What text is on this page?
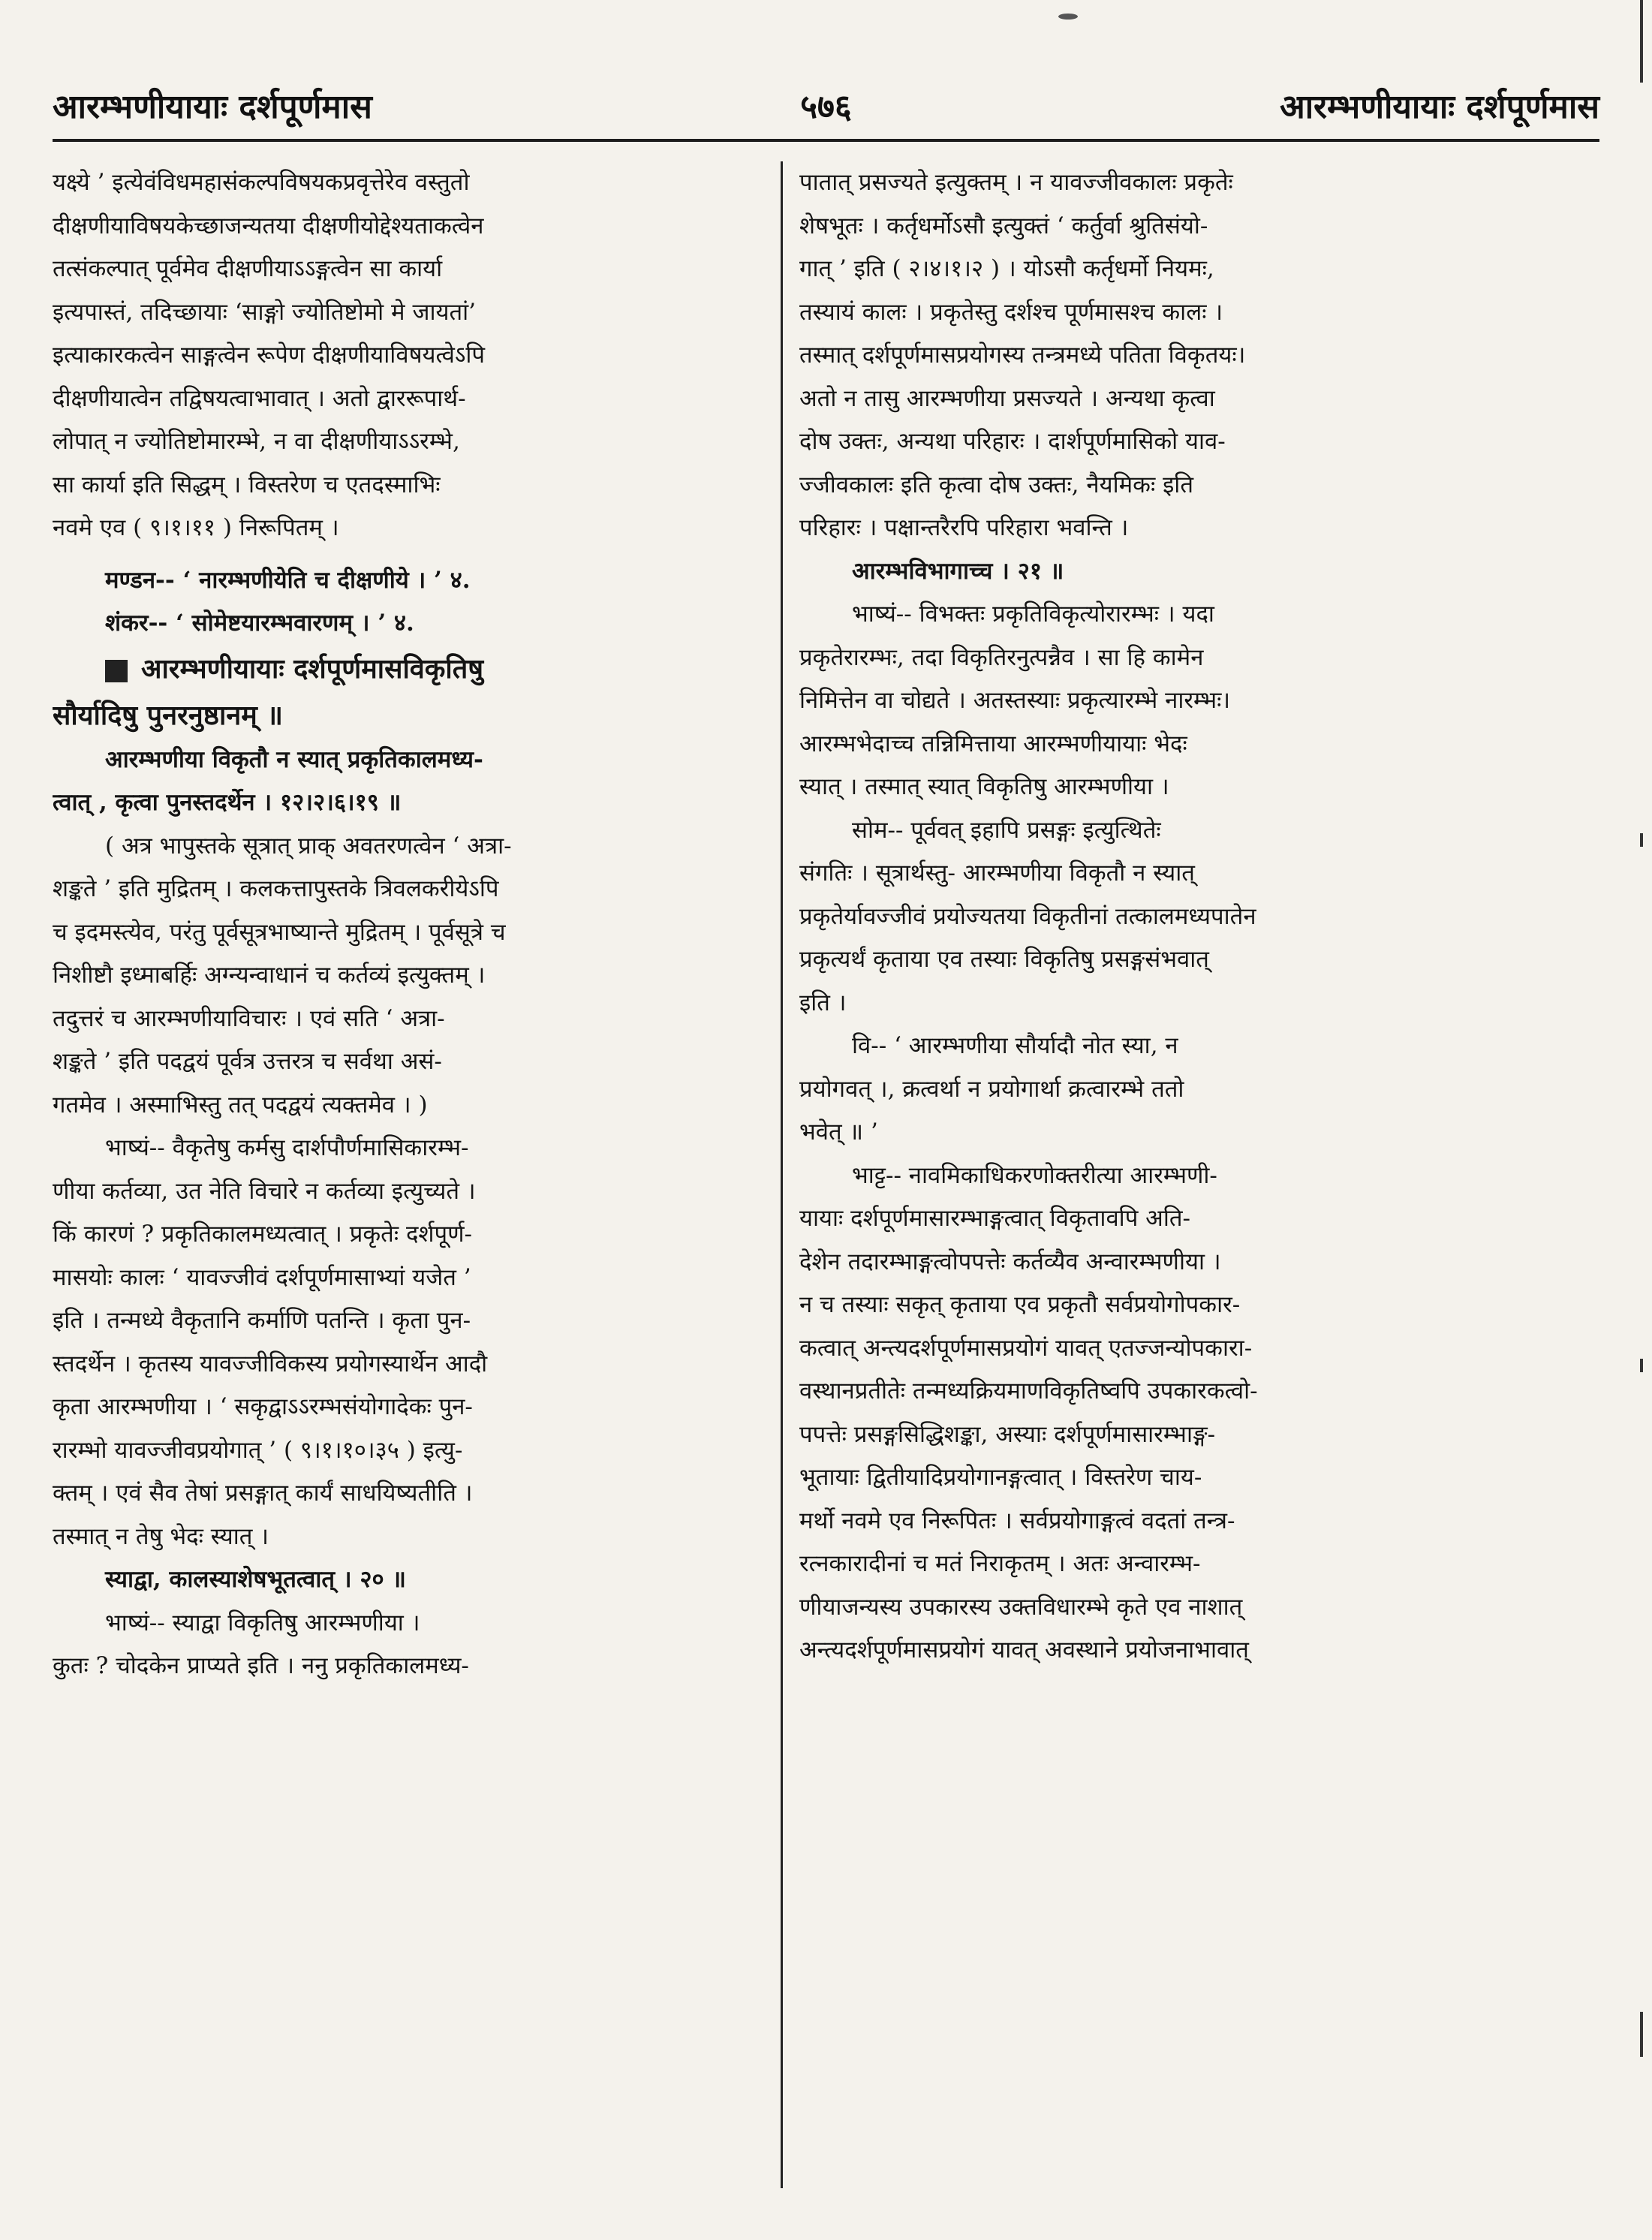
आरम्भणीयायाः दर्शपूर्णमास	५७६	आरम्भणीयायाः दर्शपूर्णमास
यक्ष्ये ’ इत्येवंविधमहासंकल्पविषयकप्रवृत्तेरेव वस्तुतो
दीक्षणीयाविषयकेच्छाजन्यतया दीक्षणीयोद्देश्यताकत्वेन
तत्संकल्पात् पूर्वमेव दीक्षणीयाऽऽङ्गत्वेन सा कार्या
इत्यपास्तं, तदिच्छायाः ‘साङ्गो ज्योतिष्टोमो मे जायतां’
इत्याकारकत्वेन साङ्गत्वेन रूपेण दीक्षणीयाविषयत्वेऽपि
दीक्षणीयात्वेन तद्विषयत्वाभावात् । अतो द्वाररूपार्थ-
लोपात् न ज्योतिष्टोमारम्भे, न वा दीक्षणीयाऽऽरम्भे,
सा कार्या इति सिद्धम् । विस्तरेण च एतदस्माभिः
नवमे एव ( ९।१।११ ) निरूपितम् ।
मण्डन-- ‘ नारम्भणीयेति च दीक्षणीये । ’ ४.
शंकर-- ‘ सोमेष्टयारम्भवारणम् । ’ ४.
आरम्भणीयायाः दर्शपूर्णमासविकृतिषु
सौर्यादिषु पुनरनुष्ठानम् ॥
आरम्भणीया विकृतौ न स्यात् प्रकृतिकालमध्य-
त्वात् , कृत्वा पुनस्तदर्थेन । १२।२।६।१९ ॥
( अत्र भापुस्तके सूत्रात् प्राक् अवतरणत्वेन ‘ अत्रा-
शङ्कते ’ इति मुद्रितम् । कलकत्तापुस्तके त्रिवलकरीयेऽपि
च इदमस्त्येव, परंतु पूर्वसूत्रभाष्यान्ते मुद्रितम् । पूर्वसूत्रे च
निशीष्टौ इध्माबर्हिः अग्न्यन्वाधानं च कर्तव्यं इत्युक्तम् ।
तदुत्तरं च आरम्भणीयाविचारः । एवं सति ‘ अत्रा-
शङ्कते ’ इति पदद्वयं पूर्वत्र उत्तरत्र च सर्वथा असं-
गतमेव । अस्माभिस्तु तत् पदद्वयं त्यक्तमेव । )
भाष्यं-- वैकृतेषु कर्मसु दार्शपौर्णमासिकारम्भ-
णीया कर्तव्या, उत नेति विचारे न कर्तव्या इत्युच्यते ।
किं कारणं ? प्रकृतिकालमध्यत्वात् । प्रकृतेः दर्शपूर्ण-
मासयोः कालः ‘ यावज्जीवं दर्शपूर्णमासाभ्यां यजेत ’
इति । तन्मध्ये वैकृतानि कर्माणि पतन्ति । कृता पुन-
स्तदर्थेन । कृतस्य यावज्जीविकस्य प्रयोगस्यार्थेन आदौ
कृता आरम्भणीया । ‘ सकृद्वाऽऽरम्भसंयोगादेकः पुन-
रारम्भो यावज्जीवप्रयोगात् ’ ( ९।१।१०।३५ ) इत्यु-
क्तम् । एवं सैव तेषां प्रसङ्गात् कार्यं साधयिष्यतीति ।
तस्मात् न तेषु भेदः स्यात् ।
स्याद्वा, कालस्याशेषभूतत्वात् । २० ॥
भाष्यं-- स्याद्वा विकृतिषु आरम्भणीया ।
कुतः ? चोदकेन प्राप्यते इति । ननु प्रकृतिकालमध्य-
पातात् प्रसज्यते इत्युक्तम् । न यावज्जीवकालः प्रकृतेः
शेषभूतः । कर्तृधर्मोऽसौ इत्युक्तं ‘ कर्तुर्वा श्रुतिसंयो-
गात् ’ इति ( २।४।१।२ ) । योऽसौ कर्तृधर्मो नियमः,
तस्यायं कालः । प्रकृतेस्तु दर्शश्च पूर्णमासश्च कालः ।
तस्मात् दर्शपूर्णमासप्रयोगस्य तन्त्रमध्ये पतिता विकृतयः।
अतो न तासु आरम्भणीया प्रसज्यते । अन्यथा कृत्वा
दोष उक्तः, अन्यथा परिहारः । दार्शपूर्णमासिको याव-
ज्जीवकालः इति कृत्वा दोष उक्तः, नैयमिकः इति
परिहारः । पक्षान्तरैरपि परिहारा भवन्ति ।
आरम्भविभागाच्च । २१ ॥
भाष्यं-- विभक्तः प्रकृतिविकृत्योरारम्भः । यदा
प्रकृतेरारम्भः, तदा विकृतिरनुत्पन्नैव । सा हि कामेन
निमित्तेन वा चोद्यते । अतस्तस्याः प्रकृत्यारम्भे नारम्भः।
आरम्भभेदाच्च तन्निमित्ताया आरम्भणीयायाः भेदः
स्यात् । तस्मात् स्यात् विकृतिषु आरम्भणीया ।
सोम-- पूर्ववत् इहापि प्रसङ्गः इत्युत्थितेः
संगतिः । सूत्रार्थस्तु- आरम्भणीया विकृतौ न स्यात्
प्रकृतेर्यावज्जीवं प्रयोज्यतया विकृतीनां तत्कालमध्यपातेन
प्रकृत्यर्थं कृताया एव तस्याः विकृतिषु प्रसङ्गसंभवात्
इति ।
वि-- ‘ आरम्भणीया सौर्यादौ नोत स्या, न
प्रयोगवत् ।, क्रत्वर्था न प्रयोगार्था क्रत्वारम्भे ततो
भवेत् ॥ ’
भाट्ट-- नावमिकाधिकरणोक्तरीत्या आरम्भणी-
यायाः दर्शपूर्णमासारम्भाङ्गत्वात् विकृतावपि अति-
देशेन तदारम्भाङ्गत्वोपपत्तेः कर्तव्यैव अन्वारम्भणीया ।
न च तस्याः सकृत् कृताया एव प्रकृतौ सर्वप्रयोगोपकार-
कत्वात् अन्त्यदर्शपूर्णमासप्रयोगं यावत् एतज्जन्योपकारा-
वस्थानप्रतीतेः तन्मध्यक्रियमाणविकृतिष्वपि उपकारकत्वो-
पपत्तेः प्रसङ्गसिद्धिशङ्का, अस्याः दर्शपूर्णमासारम्भाङ्ग-
भूतायाः द्वितीयादिप्रयोगानङ्गत्वात् । विस्तरेण चाय-
मर्थो नवमे एव निरूपितः । सर्वप्रयोगाङ्गत्वं वदतां तन्त्र-
रत्नकारादीनां च मतं निराकृतम् । अतः अन्वारम्भ-
णीयाजन्यस्य उपकारस्य उक्तविधारम्भे कृते एव नाशात्
अन्त्यदर्शपूर्णमासप्रयोगं यावत् अवस्थाने प्रयोजनाभावात्
